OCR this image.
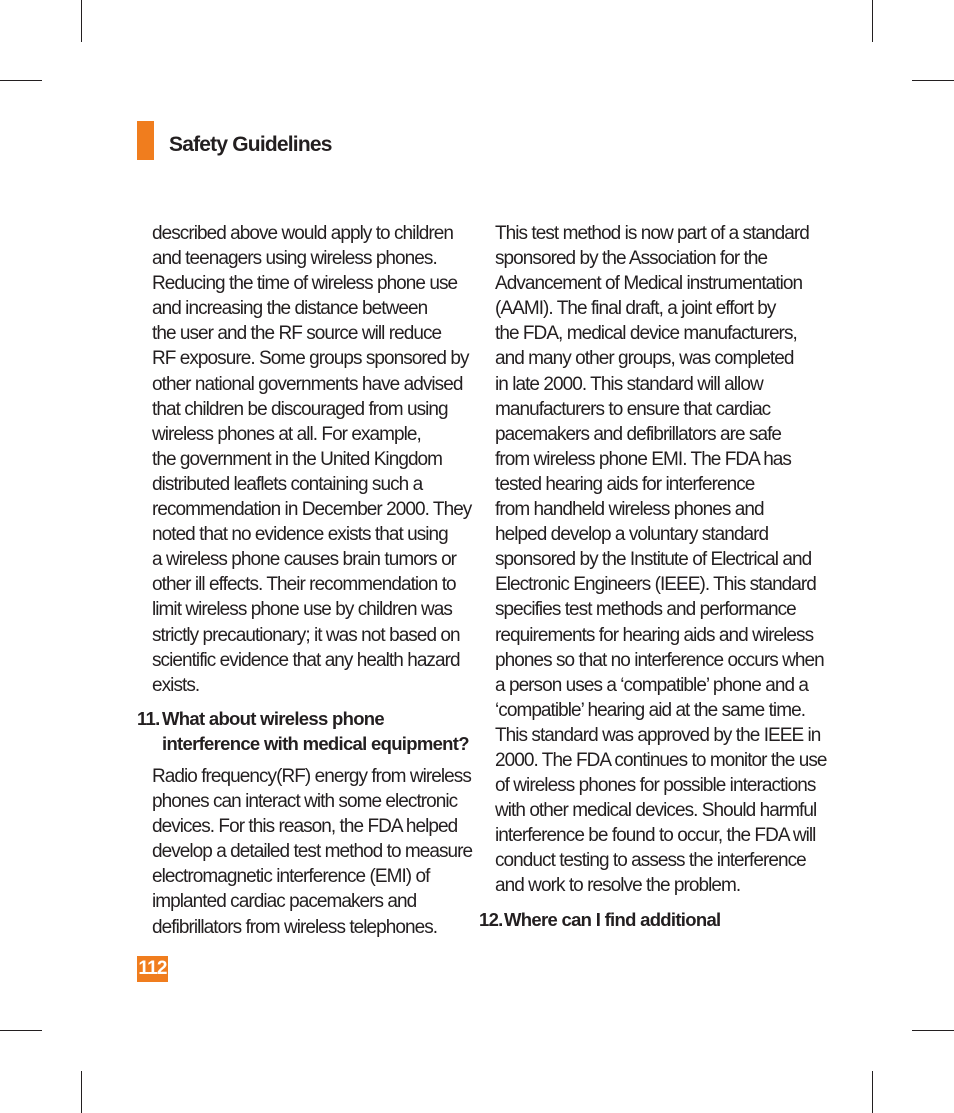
Safety Guidelines
described above would apply to children
and teenagers using wireless phones.
Reducing the time of wireless phone use
and increasing the distance between
the user and the RF source will reduce
RF exposure. Some groups sponsored by
other national governments have advised
that children be discouraged from using
wireless phones at all. For example,
the government in the United Kingdom
distributed leaflets containing such a
recommendation in December 2000. They
noted that no evidence exists that using
a wireless phone causes brain tumors or
other ill effects. Their recommendation to
limit wireless phone use by children was
strictly precautionary; it was not based on
scientific evidence that any health hazard
exists.
11. What about wireless phone
interference with medical equipment?
Radio frequency(RF) energy from wireless
phones can interact with some electronic
devices. For this reason, the FDA helped
develop a detailed test method to measure
electromagnetic interference (EMI) of
implanted cardiac pacemakers and
defibrillators from wireless telephones.
This test method is now part of a standard
sponsored by the Association for the
Advancement of Medical instrumentation
(AAMI). The final draft, a joint effort by
the FDA, medical device manufacturers,
and many other groups, was completed
in late 2000. This standard will allow
manufacturers to ensure that cardiac
pacemakers and defibrillators are safe
from wireless phone EMI. The FDA has
tested hearing aids for interference
from handheld wireless phones and
helped develop a voluntary standard
sponsored by the Institute of Electrical and
Electronic Engineers (IEEE). This standard
specifies test methods and performance
requirements for hearing aids and wireless
phones so that no interference occurs when
a person uses a ‘compatible’ phone and a
‘compatible’ hearing aid at the same time.
This standard was approved by the IEEE in
2000. The FDA continues to monitor the use
of wireless phones for possible interactions
with other medical devices. Should harmful
interference be found to occur, the FDA will
conduct testing to assess the interference
and work to resolve the problem.
12.Where can I find additional
112
